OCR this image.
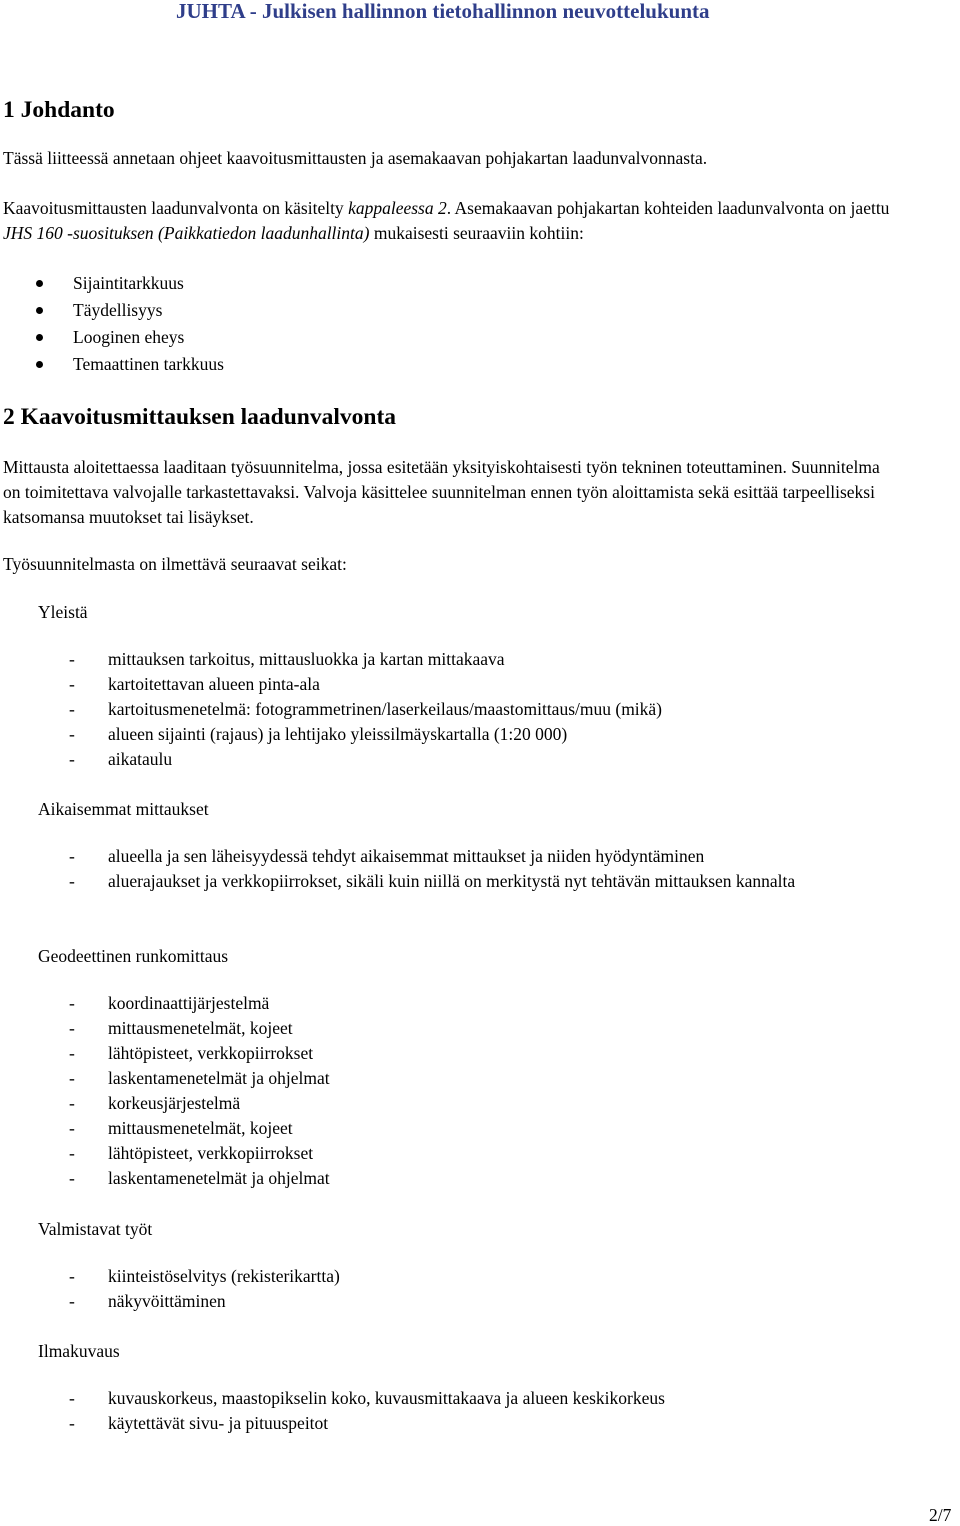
JUHTA - Julkisen hallinnon tietohallinnon neuvottelukunta
1 Johdanto

Tässä liitteessä annetaan ohjeet kaavoitusmittausten ja asemakaavan pohjakartan laadunvalvonnasta.

Kaavoitusmittausten laadunvalvonta on käsitelty kappaleessa 2. Asemakaavan pohjakartan kohteiden laadunvalvonta on jaettu JHS 160 -suosituksen (Paikkatiedon laadunhallinta) mukaisesti seuraaviin kohtiin:

Sijaintitarkkuus
Täydellisyys
Looginen eheys
Temaattinen tarkkuus
2 Kaavoitusmittauksen laadunvalvonta

Mittausta aloitettaessa laaditaan työsuunnitelma, jossa esitetään yksityiskohtaisesti työn tekninen toteuttaminen. Suunnitelma on toimitettava valvojalle tarkastettavaksi. Valvoja käsittelee suunnitelman ennen työn aloittamista sekä esittää tarpeelliseksi katsomansa muutokset tai lisäykset.

Työsuunnitelmasta on ilmettävä seuraavat seikat:

Yleistä
- mittauksen tarkoitus, mittausluokka ja kartan mittakaava
- kartoitettavan alueen pinta-ala
- kartoitusmenetelmä: fotogrammetrinen/laserkeilaus/maastomittaus/muu (mikä)
- alueen sijainti (rajaus) ja lehtijako yleissilmäyskartalla (1:20 000)
- aikataulu
Aikaisemmat mittaukset
- alueella ja sen läheisyydessä tehdyt aikaisemmat mittaukset ja niiden hyödyntäminen
- aluerajaukset ja verkkopiirrokset, sikäli kuin niillä on merkitystä nyt tehtävän mittauksen kannalta
Geodeettinen runkomittaus
- koordinaattijärjestelmä
- mittausmenetelmät, kojeet
- lähtöpisteet, verkkopiirrokset
- laskentamenetelmät ja ohjelmat
- korkeusjärjestelmä
- mittausmenetelmät, kojeet
- lähtöpisteet, verkkopiirrokset
- laskentamenetelmät ja ohjelmat
Valmistavat työt
- kiinteistöselvitys (rekisterikartta)
- näkyvöittäminen
Ilmakuvaus
- kuvauskorkeus, maastopikselin koko, kuvausmittakaava ja alueen keskikorkeus
- käytettävät sivu- ja pituuspeitot
2/7
